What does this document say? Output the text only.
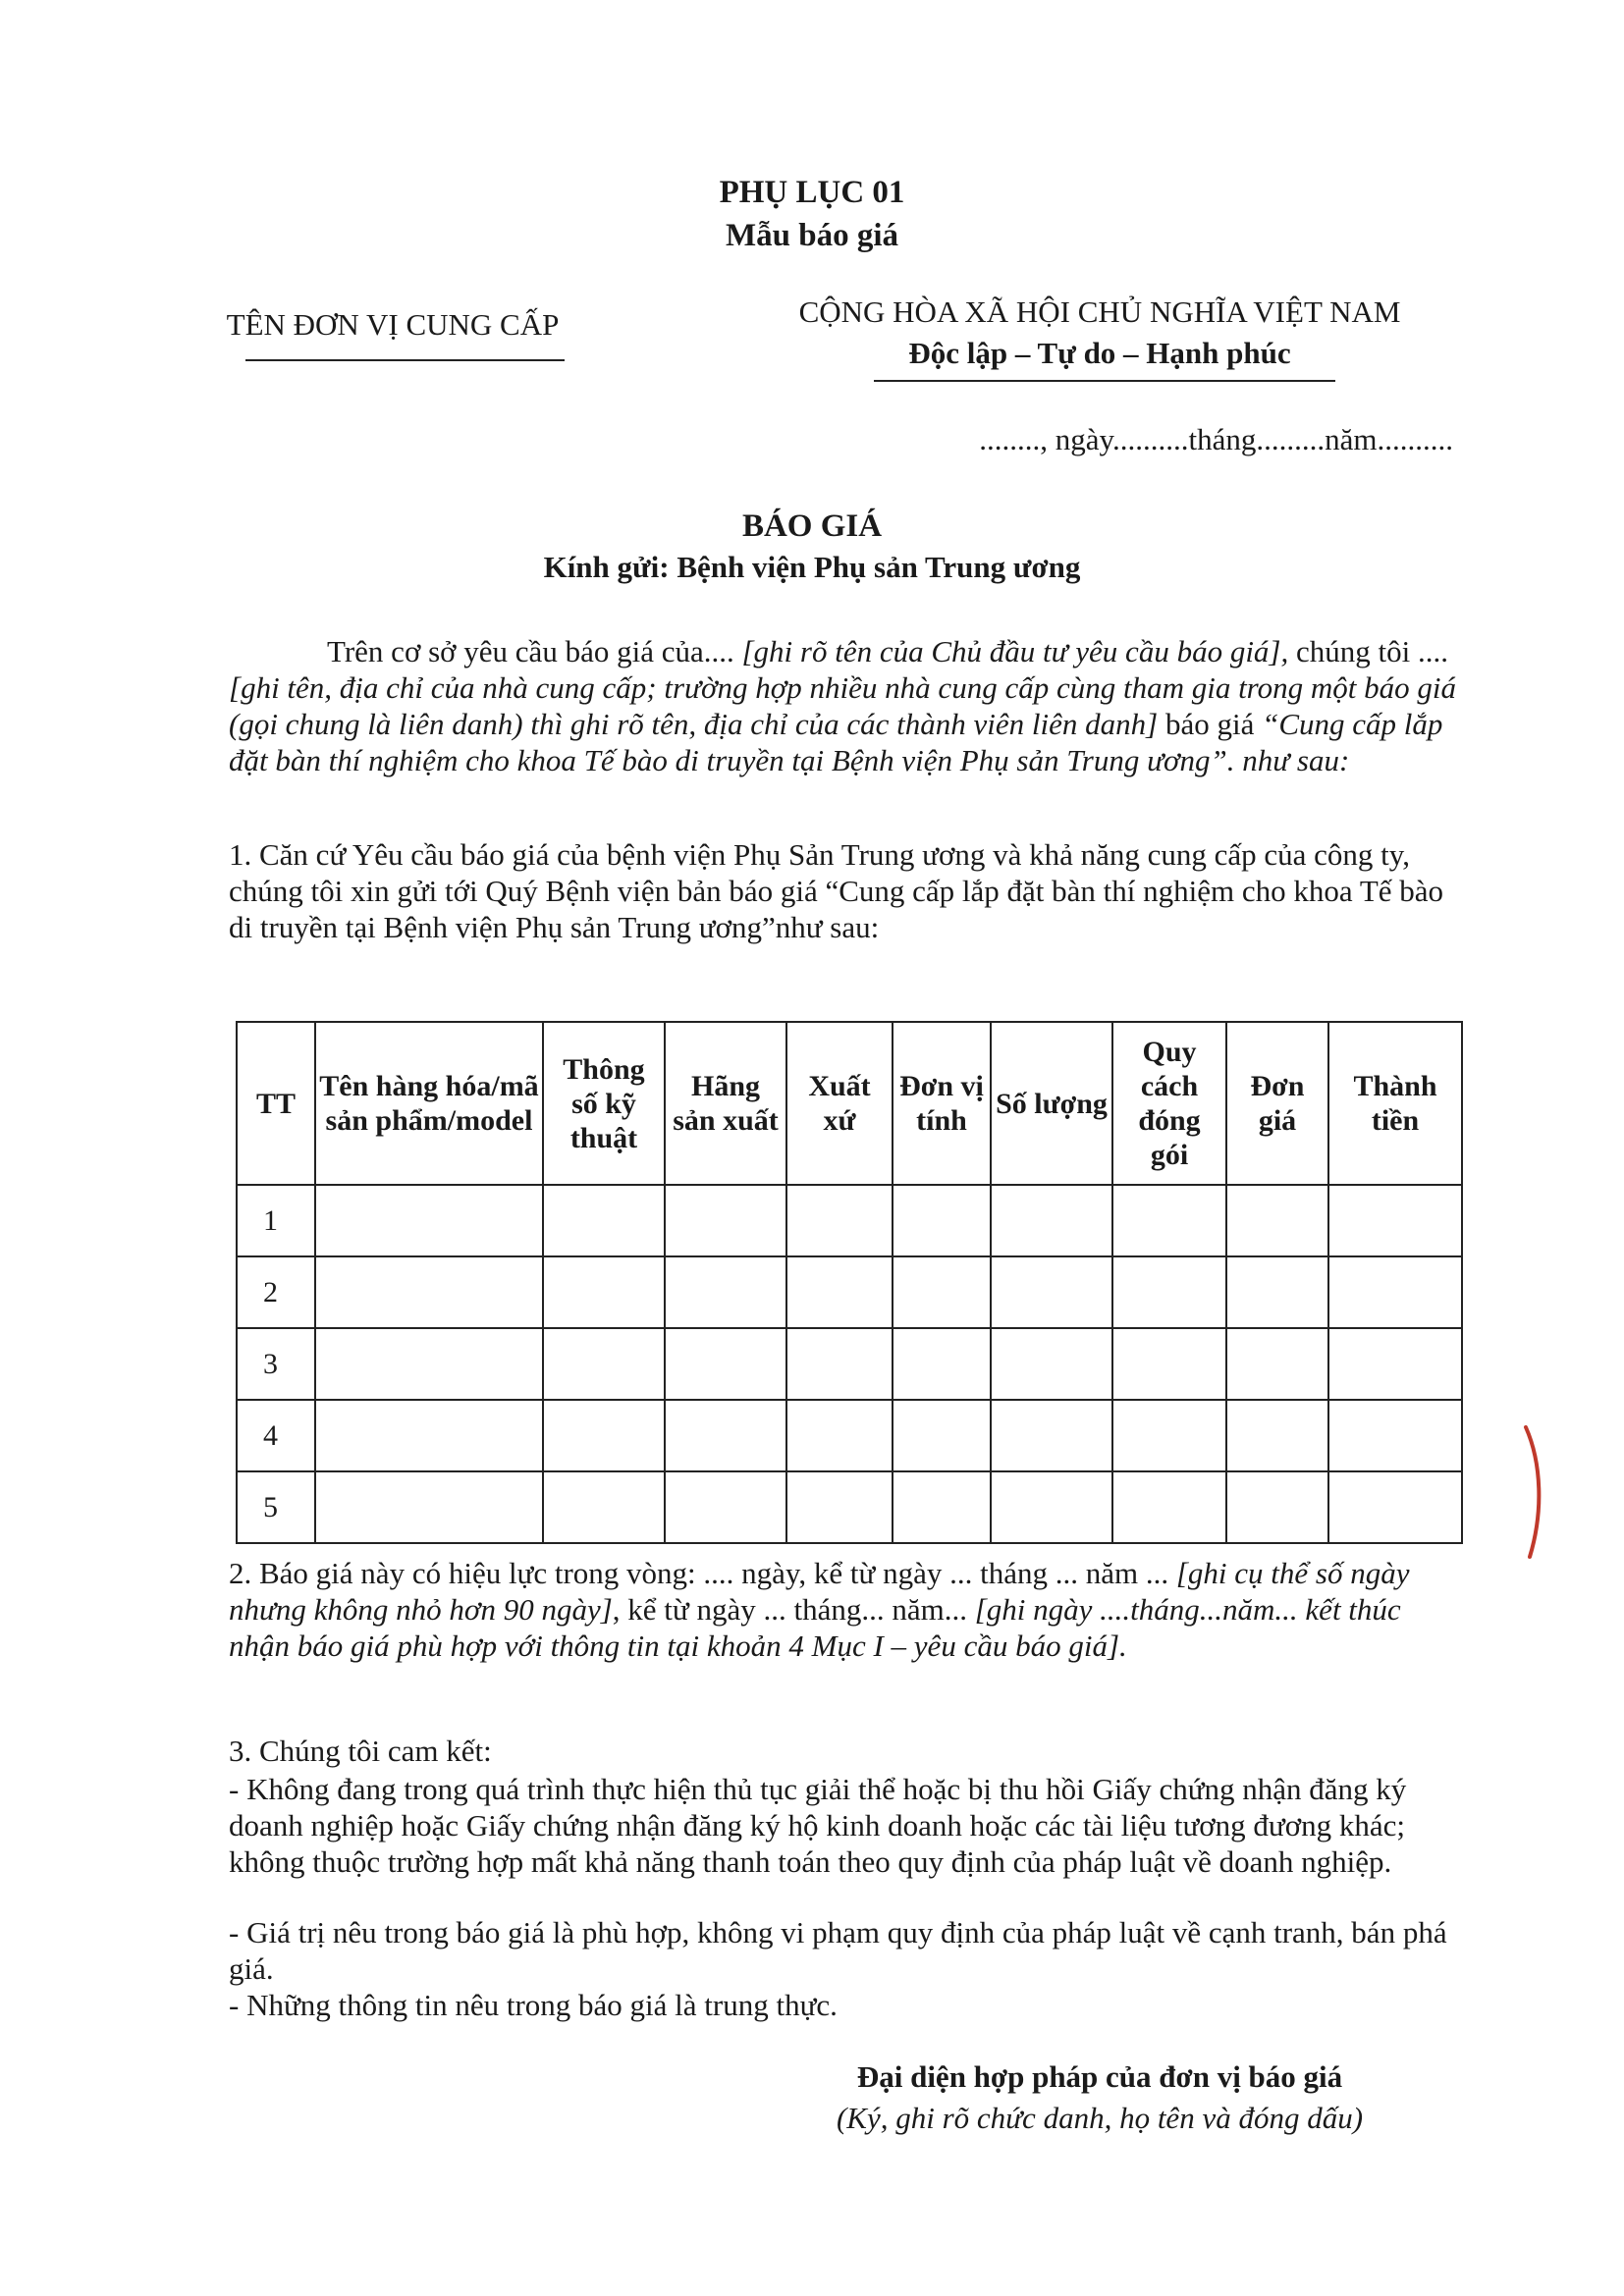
PHỤ LỤC 01
Mẫu báo giá
TÊN ĐƠN VỊ CUNG CẤP	CỘNG HÒA XÃ HỘI CHỦ NGHĨA VIỆT NAM
Độc lập – Tự do – Hạnh phúc
........, ngày..........tháng.........năm..........
BÁO GIÁ
Kính gửi: Bệnh viện Phụ sản Trung ương
Trên cơ sở yêu cầu báo giá của.... [ghi rõ tên của Chủ đầu tư yêu cầu báo giá], chúng tôi .... [ghi tên, địa chỉ của nhà cung cấp; trường hợp nhiều nhà cung cấp cùng tham gia trong một báo giá (gọi chung là liên danh) thì ghi rõ tên, địa chỉ của các thành viên liên danh] báo giá “Cung cấp lắp đặt bàn thí nghiệm cho khoa Tế bào di truyền tại Bệnh viện Phụ sản Trung ương”. như sau:
1. Căn cứ Yêu cầu báo giá của bệnh viện Phụ Sản Trung ương và khả năng cung cấp của công ty, chúng tôi xin gửi tới Quý Bệnh viện bản báo giá “Cung cấp lắp đặt bàn thí nghiệm cho khoa Tế bào di truyền tại Bệnh viện Phụ sản Trung ương”như sau:
TT	Tên hàng hóa/mã sản phẩm/model	Thông số kỹ thuật	Hãng sản xuất	Xuất xứ	Đơn vị tính	Số lượng	Quy cách đóng gói	Đơn giá	Thành tiền
1									
2									
3									
4									
5									
2. Báo giá này có hiệu lực trong vòng: .... ngày, kể từ ngày ... tháng ... năm ... [ghi cụ thể số ngày nhưng không nhỏ hơn 90 ngày], kể từ ngày ... tháng... năm... [ghi ngày ....tháng...năm... kết thúc nhận báo giá phù hợp với thông tin tại khoản 4 Mục I – yêu cầu báo giá].
3. Chúng tôi cam kết:
- Không đang trong quá trình thực hiện thủ tục giải thể hoặc bị thu hồi Giấy chứng nhận đăng ký doanh nghiệp hoặc Giấy chứng nhận đăng ký hộ kinh doanh hoặc các tài liệu tương đương khác; không thuộc trường hợp mất khả năng thanh toán theo quy định của pháp luật về doanh nghiệp.
- Giá trị nêu trong báo giá là phù hợp, không vi phạm quy định của pháp luật về cạnh tranh, bán phá giá.
- Những thông tin nêu trong báo giá là trung thực.
Đại diện hợp pháp của đơn vị báo giá
(Ký, ghi rõ chức danh, họ tên và đóng dấu)
